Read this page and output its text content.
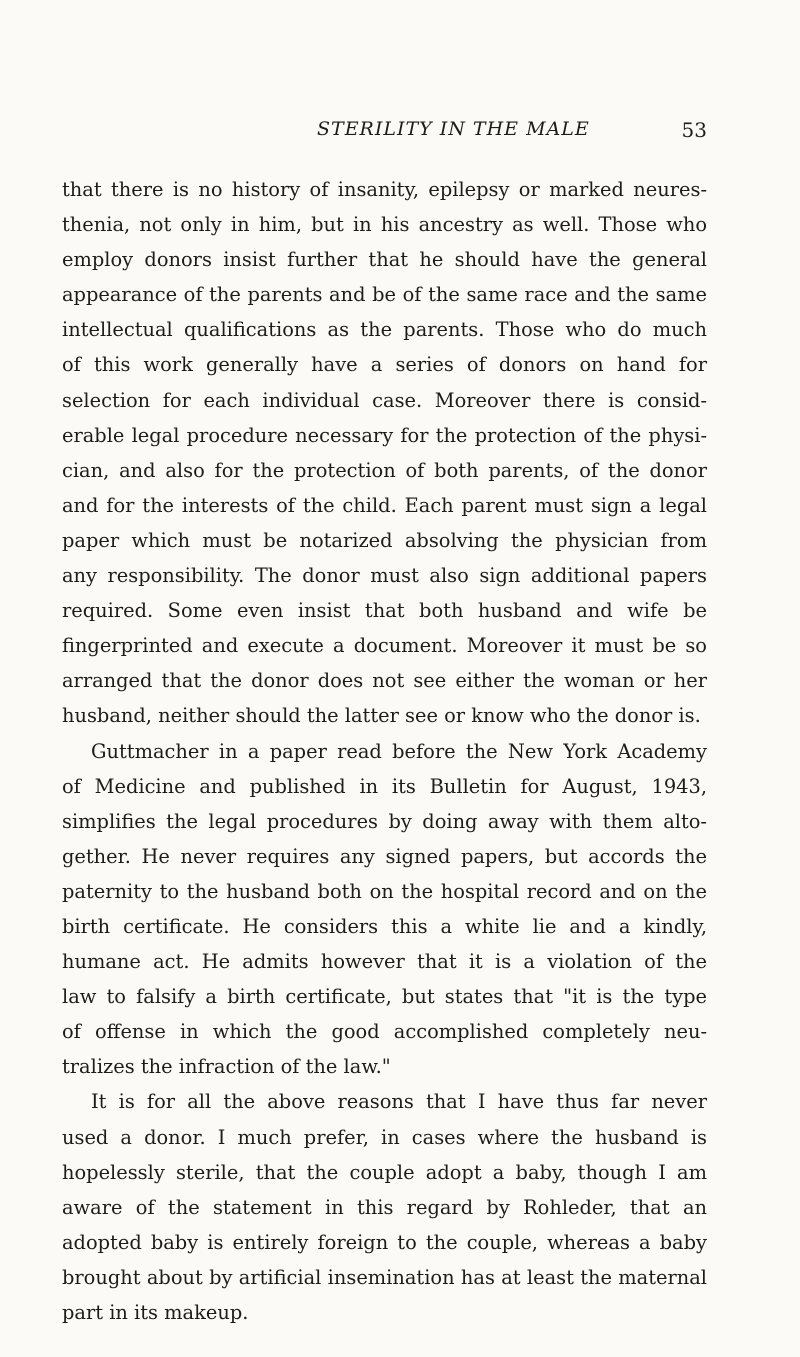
STERILITY IN THE MALE	53
that there is no history of insanity, epilepsy or marked neures-
thenia, not only in him, but in his ancestry as well. Those who
employ donors insist further that he should have the general
appearance of the parents and be of the same race and the same
intellectual qualifications as the parents. Those who do much
of this work generally have a series of donors on hand for
selection for each individual case. Moreover there is consid-
erable legal procedure necessary for the protection of the physi-
cian, and also for the protection of both parents, of the donor
and for the interests of the child. Each parent must sign a legal
paper which must be notarized absolving the physician from
any responsibility. The donor must also sign additional papers
required. Some even insist that both husband and wife be
fingerprinted and execute a document. Moreover it must be so
arranged that the donor does not see either the woman or her
husband, neither should the latter see or know who the donor is.
Guttmacher in a paper read before the New York Academy
of Medicine and published in its Bulletin for August, 1943,
simplifies the legal procedures by doing away with them alto-
gether. He never requires any signed papers, but accords the
paternity to the husband both on the hospital record and on the
birth certificate. He considers this a white lie and a kindly,
humane act. He admits however that it is a violation of the
law to falsify a birth certificate, but states that "it is the type
of offense in which the good accomplished completely neu-
tralizes the infraction of the law."
It is for all the above reasons that I have thus far never
used a donor. I much prefer, in cases where the husband is
hopelessly sterile, that the couple adopt a baby, though I am
aware of the statement in this regard by Rohleder, that an
adopted baby is entirely foreign to the couple, whereas a baby
brought about by artificial insemination has at least the maternal
part in its makeup.
